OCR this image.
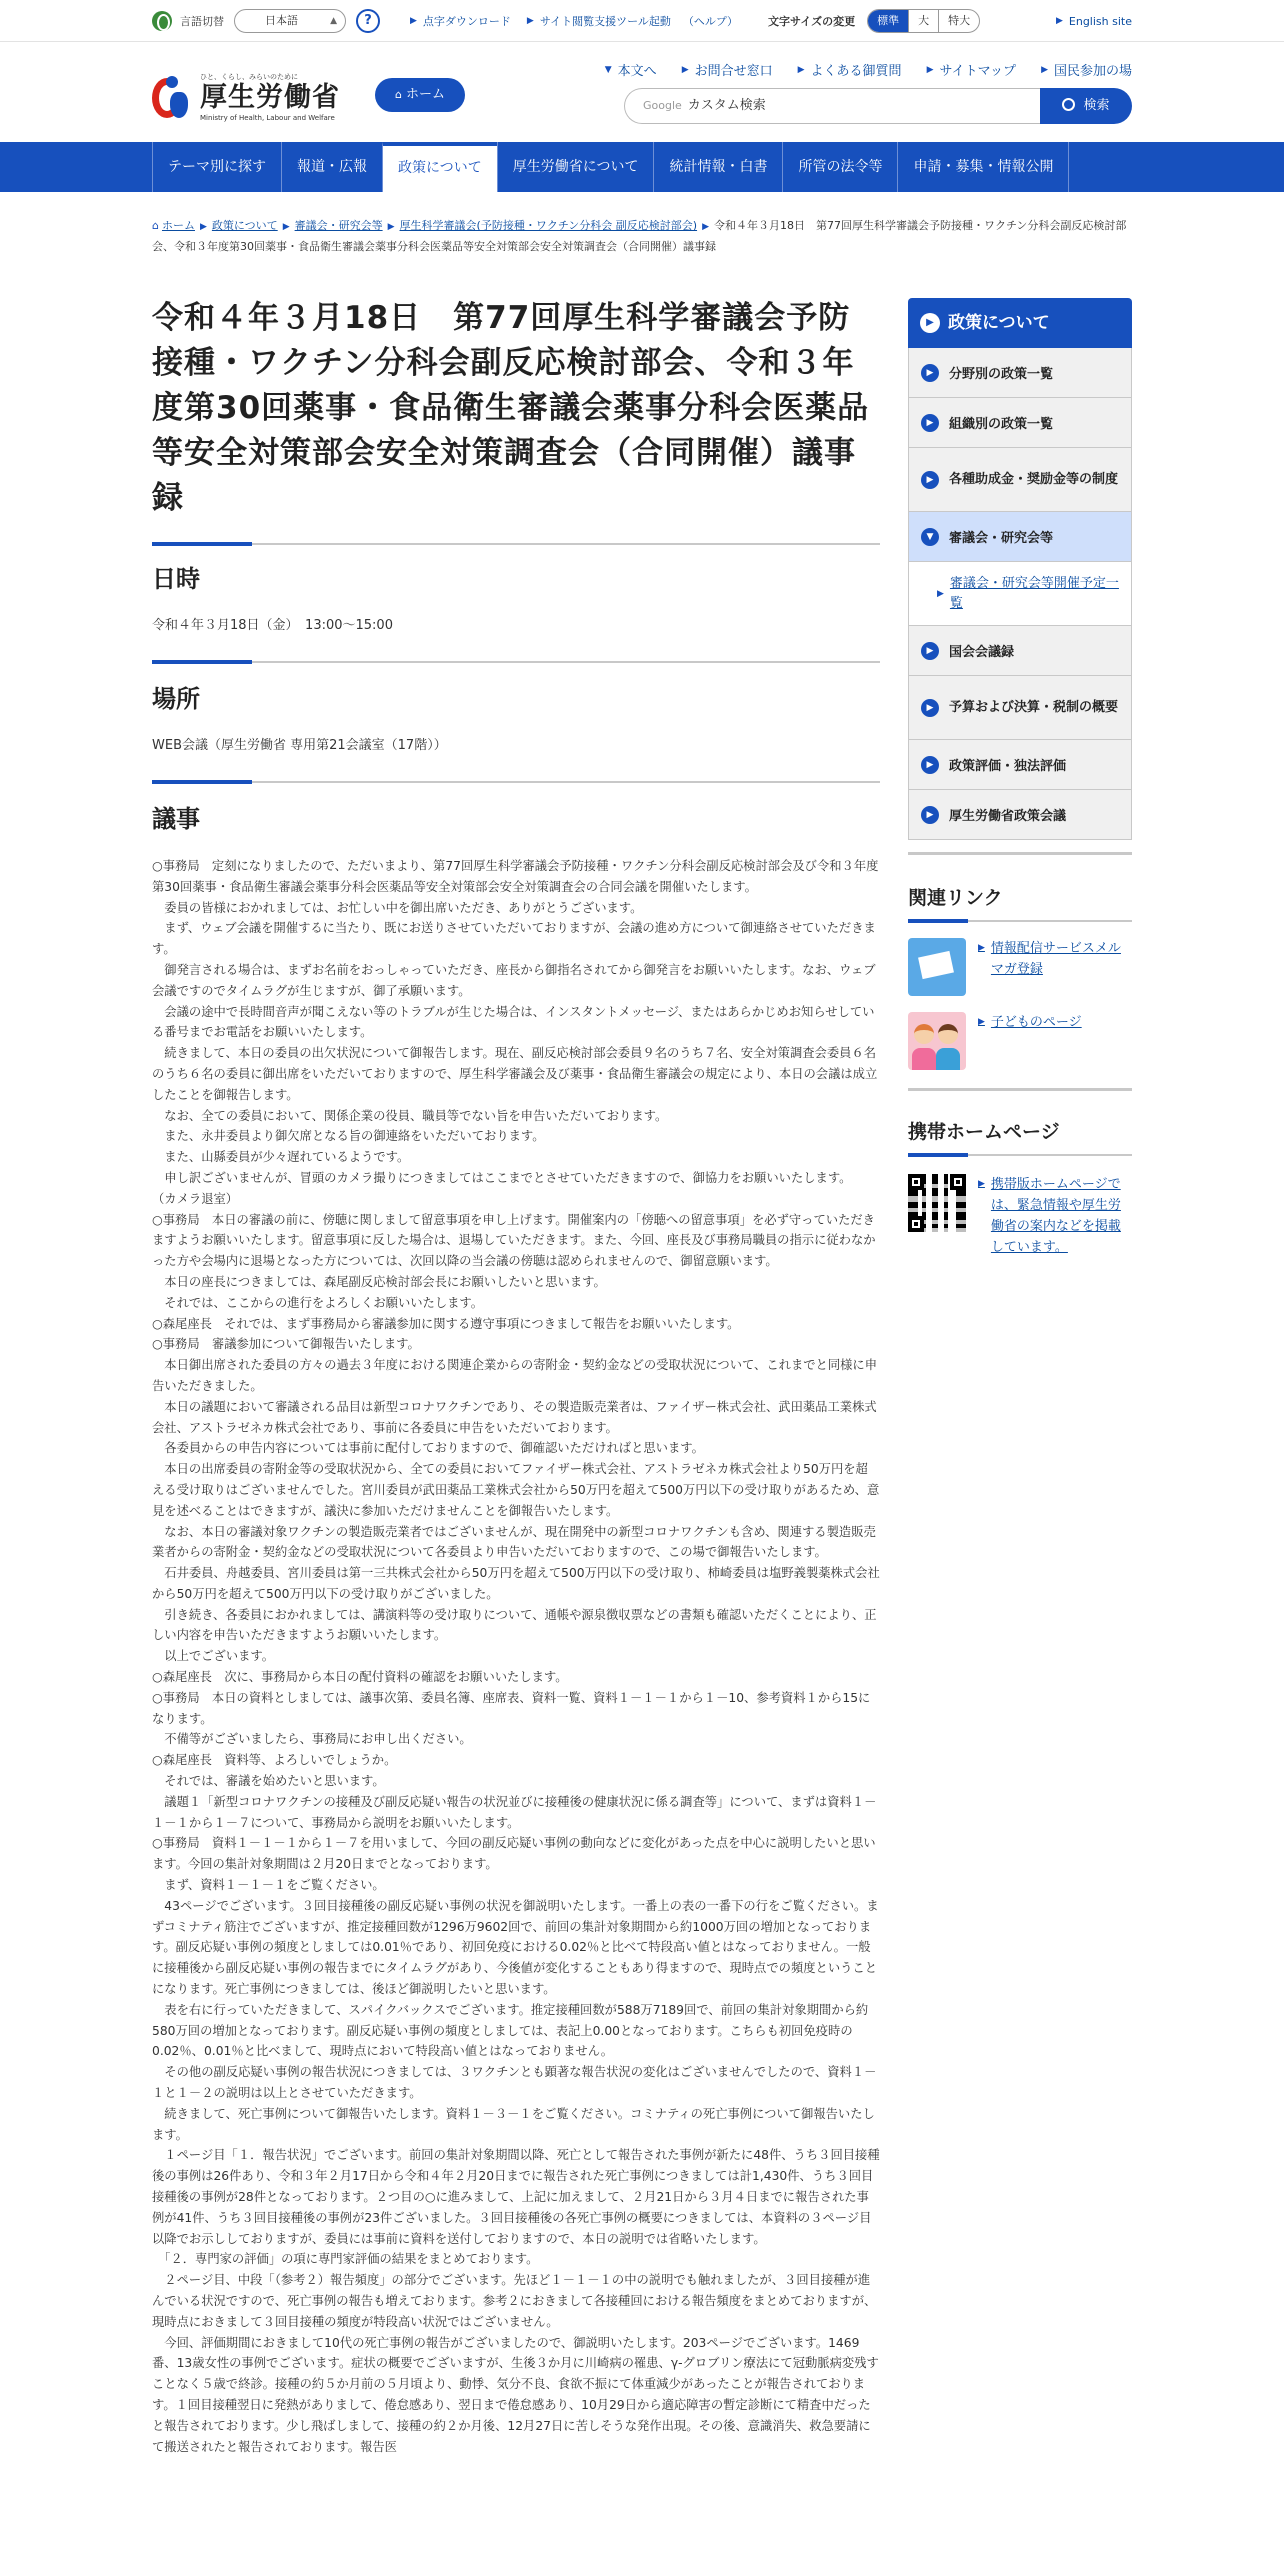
言語切替	日本語	▲	?	▶ 点字ダウンロード ▶ サイト閲覧支援ツール起動 （ヘルプ）	文字サイズの変更	標準	大	特大	▶ English site
ひと、くらし、みらいのために
厚生労働省
Ministry of Health, Labour and Welfare
⌂ ホーム
▼ 本文へ	▶ お問合せ窓口	▶ よくある御質問	▶ サイトマップ	▶ 国民参加の場
Google カスタム検索	検索
テーマ別に探す	報道・広報	政策について	厚生労働省について	統計情報・白書	所管の法令等	申請・募集・情報公開
⌂ ホーム ▶ 政策について ▶ 審議会・研究会等 ▶ 厚生科学審議会(予防接種・ワクチン分科会 副反応検討部会) ▶ 令和４年３月18日　第77回厚生科学審議会予防接種・ワクチン分科会副反応検討部会、令和３年度第30回薬事・食品衛生審議会薬事分科会医薬品等安全対策部会安全対策調査会（合同開催）議事録
令和４年３月18日　第77回厚生科学審議会予防接種・ワクチン分科会副反応検討部会、令和３年度第30回薬事・食品衛生審議会薬事分科会医薬品等安全対策部会安全対策調査会（合同開催）議事録
日時
令和４年３月18日（金）　13:00～15:00
場所
WEB会議（厚生労働省 専用第21会議室（17階））
議事
○事務局　定刻になりましたので、ただいまより、第77回厚生科学審議会予防接種・ワクチン分科会副反応検討部会及び令和３年度第30回薬事・食品衛生審議会薬事分科会医薬品等安全対策部会安全対策調査会の合同会議を開催いたします。
　委員の皆様におかれましては、お忙しい中を御出席いただき、ありがとうございます。
　まず、ウェブ会議を開催するに当たり、既にお送りさせていただいておりますが、会議の進め方について御連絡させていただきます。
　御発言される場合は、まずお名前をおっしゃっていただき、座長から御指名されてから御発言をお願いいたします。なお、ウェブ会議ですのでタイムラグが生じますが、御了承願います。
　会議の途中で長時間音声が聞こえない等のトラブルが生じた場合は、インスタントメッセージ、またはあらかじめお知らせしている番号までお電話をお願いいたします。
　続きまして、本日の委員の出欠状況について御報告します。現在、副反応検討部会委員９名のうち７名、安全対策調査会委員６名のうち６名の委員に御出席をいただいておりますので、厚生科学審議会及び薬事・食品衛生審議会の規定により、本日の会議は成立したことを御報告します。
　なお、全ての委員において、関係企業の役員、職員等でない旨を申告いただいております。
　また、永井委員より御欠席となる旨の御連絡をいただいております。
　また、山縣委員が少々遅れているようです。
　申し訳ございませんが、冒頭のカメラ撮りにつきましてはここまでとさせていただきますので、御協力をお願いいたします。
（カメラ退室）
○事務局　本日の審議の前に、傍聴に関しまして留意事項を申し上げます。開催案内の「傍聴への留意事項」を必ず守っていただきますようお願いいたします。留意事項に反した場合は、退場していただきます。また、今回、座長及び事務局職員の指示に従わなかった方や会場内に退場となった方については、次回以降の当会議の傍聴は認められませんので、御留意願います。
　本日の座長につきましては、森尾副反応検討部会長にお願いしたいと思います。
　それでは、ここからの進行をよろしくお願いいたします。
○森尾座長　それでは、まず事務局から審議参加に関する遵守事項につきまして報告をお願いいたします。
○事務局　審議参加について御報告いたします。
　本日御出席された委員の方々の過去３年度における関連企業からの寄附金・契約金などの受取状況について、これまでと同様に申告いただきました。
　本日の議題において審議される品目は新型コロナワクチンであり、その製造販売業者は、ファイザー株式会社、武田薬品工業株式会社、アストラゼネカ株式会社であり、事前に各委員に申告をいただいております。
　各委員からの申告内容については事前に配付しておりますので、御確認いただければと思います。
　本日の出席委員の寄附金等の受取状況から、全ての委員においてファイザー株式会社、アストラゼネカ株式会社より50万円を超える受け取りはございませんでした。宮川委員が武田薬品工業株式会社から50万円を超えて500万円以下の受け取りがあるため、意見を述べることはできますが、議決に参加いただけませんことを御報告いたします。
　なお、本日の審議対象ワクチンの製造販売業者ではございませんが、現在開発中の新型コロナワクチンも含め、関連する製造販売業者からの寄附金・契約金などの受取状況について各委員より申告いただいておりますので、この場で御報告いたします。
　石井委員、舟越委員、宮川委員は第一三共株式会社から50万円を超えて500万円以下の受け取り、柿崎委員は塩野義製薬株式会社から50万円を超えて500万円以下の受け取りがございました。
　引き続き、各委員におかれましては、講演料等の受け取りについて、通帳や源泉徴収票などの書類も確認いただくことにより、正しい内容を申告いただきますようお願いいたします。
　以上でございます。
○森尾座長　次に、事務局から本日の配付資料の確認をお願いいたします。
○事務局　本日の資料としましては、議事次第、委員名簿、座席表、資料一覧、資料１－１－１から１－10、参考資料１から15になります。
　不備等がございましたら、事務局にお申し出ください。
○森尾座長　資料等、よろしいでしょうか。
　それでは、審議を始めたいと思います。
　議題１「新型コロナワクチンの接種及び副反応疑い報告の状況並びに接種後の健康状況に係る調査等」について、まずは資料１－１－１から１－７について、事務局から説明をお願いいたします。
○事務局　資料１－１－１から１－７を用いまして、今回の副反応疑い事例の動向などに変化があった点を中心に説明したいと思います。今回の集計対象期間は２月20日までとなっております。
　まず、資料１－１－１をご覧ください。
　43ページでございます。３回目接種後の副反応疑い事例の状況を御説明いたします。一番上の表の一番下の行をご覧ください。まずコミナティ筋注でございますが、推定接種回数が1296万9602回で、前回の集計対象期間から約1000万回の増加となっております。副反応疑い事例の頻度としましては0.01％であり、初回免疫における0.02％と比べて特段高い値とはなっておりません。一般に接種後から副反応疑い事例の報告までにタイムラグがあり、今後値が変化することもあり得ますので、現時点での頻度ということになります。死亡事例につきましては、後ほど御説明したいと思います。
　表を右に行っていただきまして、スパイクバックスでございます。推定接種回数が588万7189回で、前回の集計対象期間から約580万回の増加となっております。副反応疑い事例の頻度としましては、表記上0.00となっております。こちらも初回免疫時の0.02％、0.01％と比べまして、現時点において特段高い値とはなっておりません。
　その他の副反応疑い事例の報告状況につきましては、３ワクチンとも顕著な報告状況の変化はございませんでしたので、資料１－１と１－２の説明は以上とさせていただきます。
　続きまして、死亡事例について御報告いたします。資料１－３－１をご覧ください。コミナティの死亡事例について御報告いたします。
　１ページ目「１．報告状況」でございます。前回の集計対象期間以降、死亡として報告された事例が新たに48件、うち３回目接種後の事例は26件あり、令和３年２月17日から令和４年２月20日までに報告された死亡事例につきましては計1,430件、うち３回目接種後の事例が28件となっております。２つ目の○に進みまして、上記に加えまして、２月21日から３月４日までに報告された事例が41件、うち３回目接種後の事例が23件ございました。３回目接種後の各死亡事例の概要につきましては、本資料の３ページ目以降でお示ししておりますが、委員には事前に資料を送付しておりますので、本日の説明では省略いたします。
　「２．専門家の評価」の項に専門家評価の結果をまとめております。
　２ページ目、中段「（参考２）報告頻度」の部分でございます。先ほど１－１－１の中の説明でも触れましたが、３回目接種が進んでいる状況ですので、死亡事例の報告も増えております。参考２におきまして各接種回における報告頻度をまとめておりますが、現時点におきまして３回目接種の頻度が特段高い状況ではございません。
　今回、評価期間におきまして10代の死亡事例の報告がございましたので、御説明いたします。203ページでございます。1469番、13歳女性の事例でございます。症状の概要でございますが、生後３か月に川崎病の罹患、γ-グロブリン療法にて冠動脈病変残すことなく５歳で終診。接種の約５か月前の５月頃より、動悸、気分不良、食欲不振にて体重減少があったことが報告されております。１回目接種翌日に発熱がありまして、倦怠感あり、翌日まで倦怠感あり、10月29日から適応障害の暫定診断にて精査中だったと報告されております。少し飛ばしまして、接種の約２か月後、12月27日に苦しそうな発作出現。その後、意識消失、救急要請にて搬送されたと報告されております。報告医
▶ 政策について
▶	分野別の政策一覧
▶	組織別の政策一覧
▶	各種助成金・奨励金等の制度
▼	審議会・研究会等
▶
審議会・研究会等開催予定一覧
▶	国会会議録
▶	予算および決算・税制の概要
▶	政策評価・独法評価
▶	厚生労働省政策会議
関連リンク
▶ 情報配信サービスメルマガ登録
▶ 子どものページ
携帯ホームページ
▶ 携帯版ホームページでは、緊急情報や厚生労働省の案内などを掲載しています。
